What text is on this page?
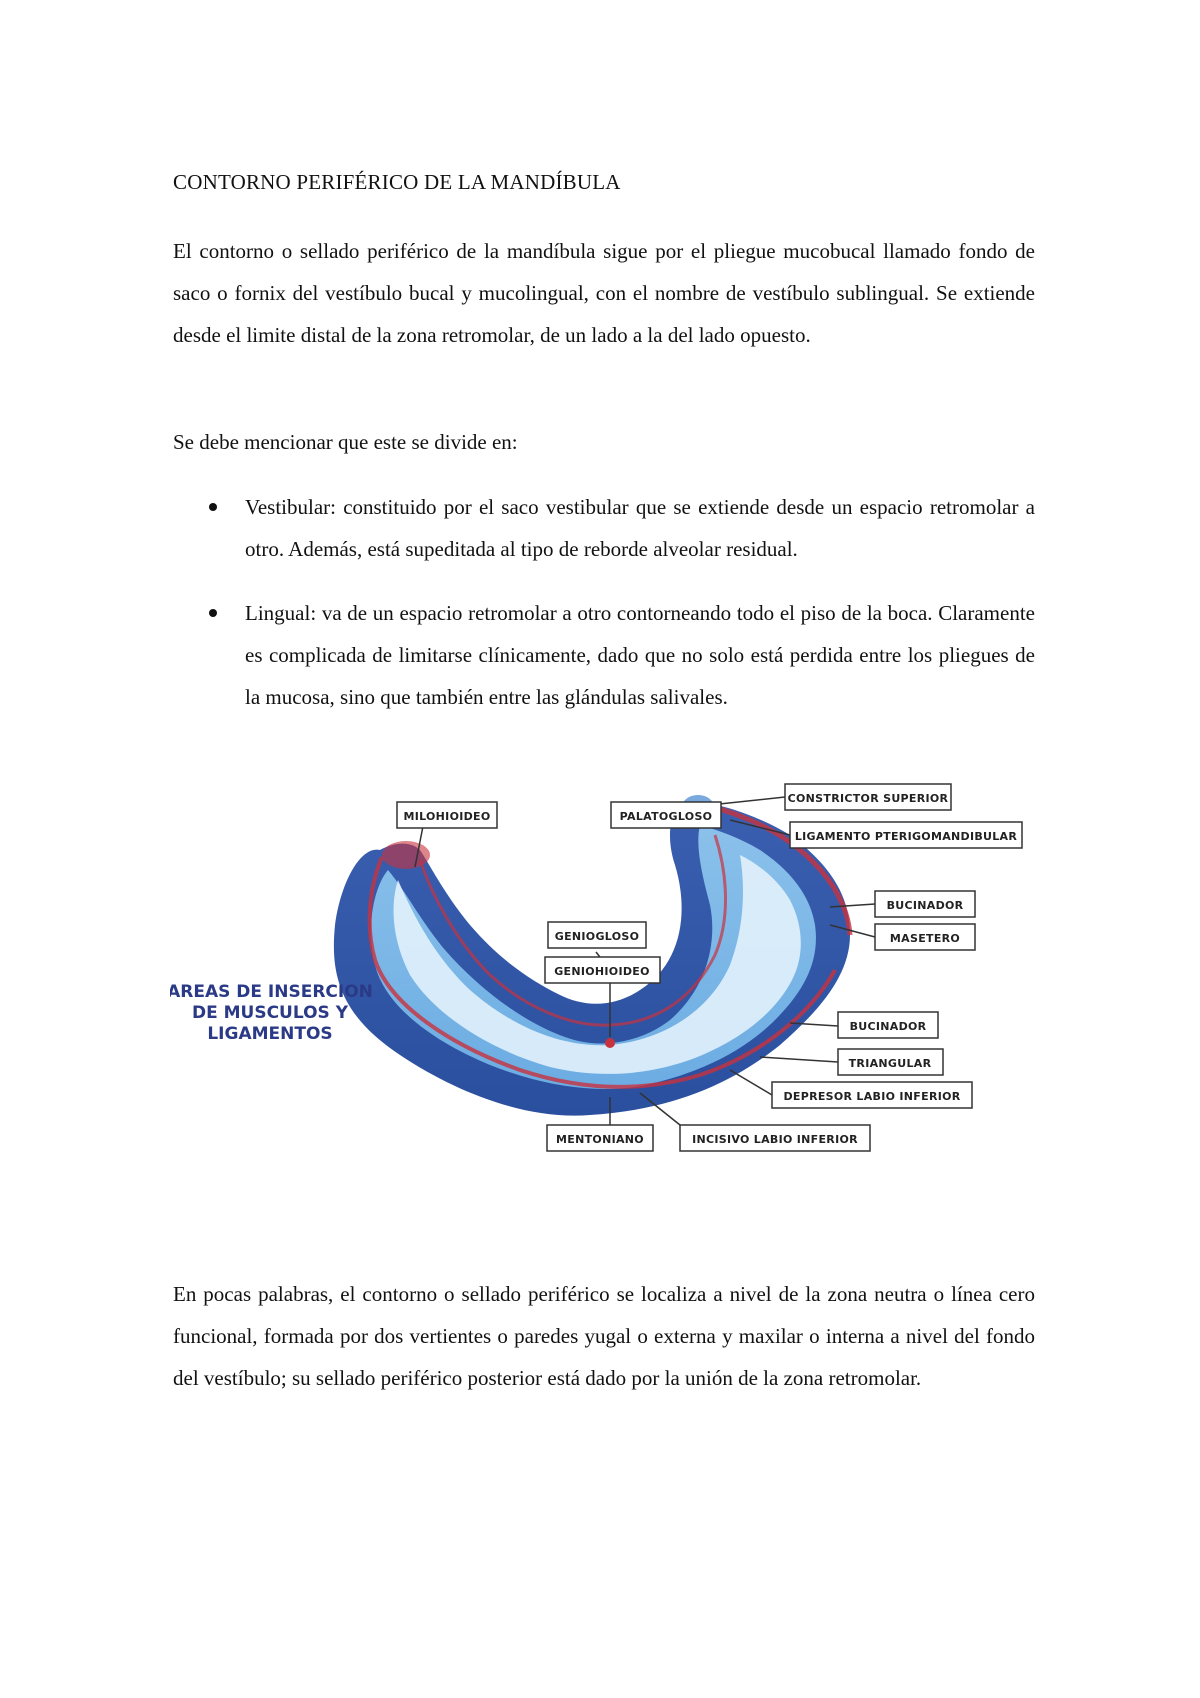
CONTORNO PERIFÉRICO DE LA MANDÍBULA

El contorno o sellado periférico de la mandíbula sigue por el pliegue mucobucal llamado fondo de saco o fornix del vestíbulo bucal y mucolingual, con el nombre de vestíbulo sublingual. Se extiende desde el limite distal de la zona retromolar, de un lado a la del lado opuesto.

Se debe mencionar que este se divide en:

Vestibular: constituido por el saco vestibular que se extiende desde un espacio retromolar a otro. Además, está supeditada al tipo de reborde alveolar residual.
Lingual: va de un espacio retromolar a otro contorneando todo el piso de la boca. Claramente es complicada de limitarse clínicamente, dado que no solo está perdida entre los pliegues de la mucosa, sino que también entre las glándulas salivales.
AREAS DE INSERCION
DE MUSCULOS Y
LIGAMENTOS
MILOHIOIDEO	PALATOGLOSO
CONSTRICTOR SUPERIOR
LIGAMENTO PTERIGOMANDIBULAR
BUCINADOR
MASETERO
GENIOGLOSO
GENIOHIOIDEO
BUCINADOR
TRIANGULAR
DEPRESOR LABIO INFERIOR
MENTONIANO	INCISIVO LABIO INFERIOR

En pocas palabras, el contorno o sellado periférico se localiza a nivel de la zona neutra o línea cero funcional, formada por dos vertientes o paredes yugal o externa y maxilar o interna a nivel del fondo del vestíbulo; su sellado periférico posterior está dado por la unión de la zona retromolar.
